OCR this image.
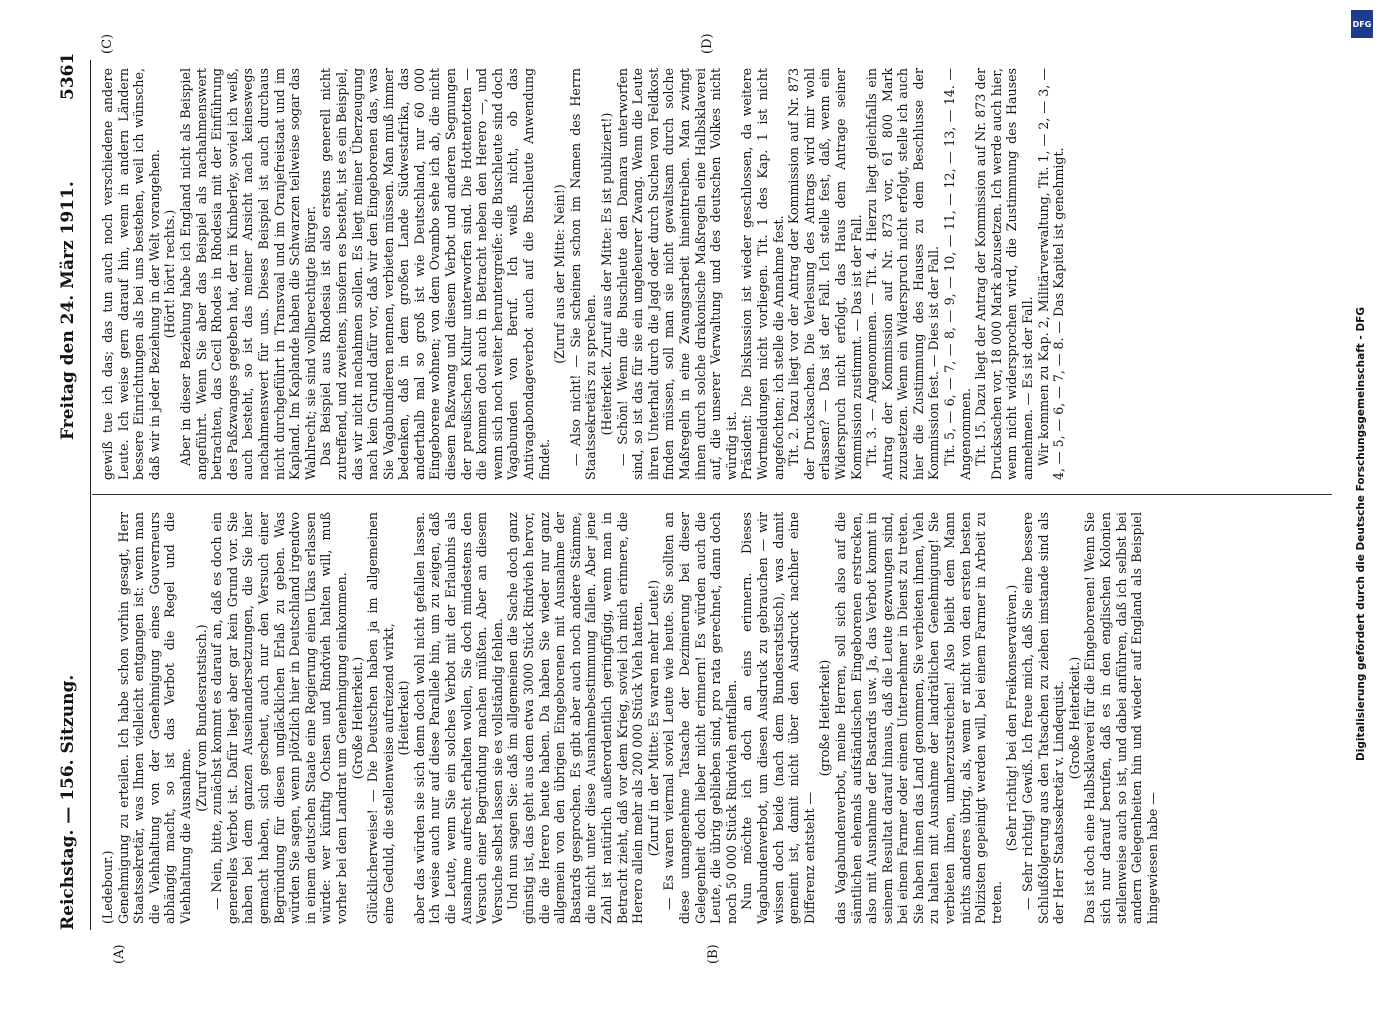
Reichstag. — 156. Sitzung.
Freitag den 24. März 1911.
5361
(A)	(B)
(C)	(D)

(Ledebour.) Genehmigung zu erteilen. Ich habe schon vorhin gesagt, Herr Staatssekretär, was Ihnen vielleicht entgangen ist: wenn man die Viehhaltung von der Genehmigung eines Gouverneurs abhängig macht, so ist das Verbot die Regel und die Viehhaltung die Ausnahme.

(Zuruf vom Bundesratstisch.) — Nein, bitte, zunächst kommt es darauf an, daß es doch ein generelles Verbot ist. Dafür liegt aber gar kein Grund vor. Sie haben bei dem ganzen Auseinandersetzungen, die Sie hier gemacht haben, sich gescheut, auch nur den Versuch einer Begründung für diesen ungläcklichen Erlaß zu geben. Was würden Sie sagen, wenn plötzlich hier in Deutschland irgendwo in einem deutschen Staate eine Regierung einen Ukas erlassen würde: wer künftig Ochsen und Rindvieh halten will, muß vorher bei dem Landrat um Genehmigung einkommen. (Große Heiterkeit.) Glücklicherweise! — Die Deutschen haben ja im allgemeinen eine Geduld, die stellenweise aufreizend wirkt, (Heiterkeit) aber das würden sie sich denn doch wohl nicht gefallen lassen. Ich weise auch nur auf diese Parallele hin, um zu zeigen, daß die Leute, wenn Sie ein solches Verbot mit der Erlaubnis als Ausnahme aufrecht erhalten wollen, Sie doch mindestens den Versuch einer Begründung machen müßten. Aber an diesem Versuche selbst lassen sie es vollständig fehlen. Und nun sagen Sie: daß im allgemeinen die Sache doch ganz günstig ist, das geht aus dem etwa 3000 Stück Rindvieh hervor, die die Herero heute haben. Da haben Sie wieder nur ganz allgemein von den übrigen Eingeborenen mit Ausnahme der Bastards gesprochen. Es gibt aber auch noch andere Stämme, die nicht unter diese Ausnahmebestimmung fallen. Aber jene Zahl ist natürlich außerordentlich geringfügig, wenn man in Betracht zieht, daß vor dem Krieg, soviel ich mich erinnere, die Herero allein mehr als 200 000 Stück Vieh hatten. (Zuruf in der Mitte: Es waren mehr Leute!) — Es waren viermal soviel Leute wie heute. Sie sollten an diese unangenehme Tatsache der Dezimierung bei dieser Gelegenheit doch lieber nicht erinnern! Es würden auch die Leute, die übrig geblieben sind, pro rata gerechnet, dann doch noch 50 000 Stück Rindvieh entfallen. Nun möchte ich doch an eins erinnern. Dieses Vagabundenverbot, um diesen Ausdruck zu gebrauchen — wir wissen doch beide (nach dem Bundesratstisch), was damit gemeint ist, damit nicht über den Ausdruck nachher eine Differenz entsteht —

(große Heiterkeit) das Vagabundenverbot, meine Herren, soll sich also auf die sämtlichen ehemals aufständischen Eingeborenen erstrecken, also mit Ausnahme der Bastards usw. Ja, das Verbot kommt in seinem Resultat darauf hinaus, daß die Leute gezwungen sind, bei einem Farmer oder einem Unternehmer in Dienst zu treten. Sie haben ihnen das Land genommen, Sie verbieten ihnen, Vieh zu halten mit Ausnahme der landrätlichen Genehmigung! Sie verbieten ihnen, umherzustreichen! Also bleibt dem Mann nichts anderes übrig, als, wenn er nicht von den ersten besten Polizisten gepeinigt werden will, bei einem Farmer in Arbeit zu treten.

(Sehr richtig! bei den Freikonservativen.) — Sehr richtig! Gewiß. Ich freue mich, daß Sie eine bessere Schlußfolgerung aus den Tatsachen zu ziehen imstande sind als der Herr Staatssekretär v. Lindequist. (Große Heiterkeit.) Das ist doch eine Halbsklaverei für die Eingeborenen! Wenn Sie sich nur darauf berufen, daß es in den englischen Kolonien stellenweise auch so ist, und dabei anführen, daß ich selbst bei andern Gelegenheiten hin und wieder auf England als Beispiel hingewiesen habe —

gewiß tue ich das; das tun auch noch verschiedene andere Leute. Ich weise gern darauf hin, wenn in andern Ländern bessere Einrichtungen als bei uns bestehen, weil ich wünsche, daß wir in jeder Beziehung in der Welt vorangehen. (Hört! hört! rechts.) Aber in dieser Beziehung habe ich England nicht als Beispiel angeführt. Wenn Sie aber das Beispiel als nachahmenswert betrachten, das Cecil Rhodes in Rhodesia mit der Einführung des Paßzwanges gegeben hat, der in Kimberley, soviel ich weiß, auch besteht, so ist das meiner Ansicht nach keineswegs nachahmenswert für uns. Dieses Beispiel ist auch durchaus nicht durchgeführt in Transvaal und im Oranjefreistaat und im Kapland. Im Kaplande haben die Schwarzen teilweise sogar das Wahlrecht; sie sind vollberechtigte Bürger. Das Beispiel aus Rhodesia ist also erstens generell nicht zutreffend, und zweitens, insofern es besteht, ist es ein Beispiel, das wir nicht nachahmen sollen. Es liegt meiner Überzeugung nach kein Grund dafür vor, daß wir den Eingeborenen das, was Sie Vagabundieren nennen, verbieten müssen. Man muß immer bedenken, daß in dem großen Lande Südwestafrika, das anderthalb mal so groß ist wie Deutschland, nur 60 000 Eingeborene wohnen; von dem Ovambo sehe ich ab, die nicht diesem Paßzwang und diesem Verbot und anderen Segnungen der preußischen Kultur unterworfen sind. Die Hottentotten — die kommen doch auch in Betracht neben den Herero —, und wenn sich noch weiter heruntergreife: die Buschleute sind doch Vagabunden von Beruf. Ich weiß nicht, ob das Antivagabondageverbot auch auf die Buschleute Anwendung findet.

(Zuruf aus der Mitte: Nein!) — Also nicht! — Sie scheinen schon im Namen des Herrn Staatssekretärs zu sprechen. (Heiterkeit. Zuruf aus der Mitte: Es ist publiziert!) — Schön! Wenn die Buschleute den Damara unterworfen sind, so ist das für sie ein ungeheurer Zwang. Wenn die Leute ihren Unterhalt durch die Jagd oder durch Suchen von Feldkost finden müssen, soll man sie nicht gewaltsam durch solche Maßregeln in eine Zwangsarbeit hineintreiben. Man zwingt ihnen durch solche drakonische Maßregeln eine Halbsklaverei auf, die unserer Verwaltung und des deutschen Volkes nicht würdig ist. Präsident: Die Diskussion ist wieder geschlossen, da weitere Wortmeldungen nicht vorliegen. Tit. 1 des Kap. 1 ist nicht angefochten; ich stelle die Annahme fest. Tit. 2. Dazu liegt vor der Antrag der Kommission auf Nr. 873 der Drucksachen. Die Verlesung des Antrags wird mir wohl erlassen? — Das ist der Fall. Ich stelle fest, daß, wenn ein Widerspruch nicht erfolgt, das Haus dem Antrage seiner Kommission zustimmt. — Das ist der Fall. Tit. 3. — Angenommen. — Tit. 4. Hierzu liegt gleichfalls ein Antrag der Kommission auf Nr. 873 vor, 61 800 Mark zuzusetzen. Wenn ein Widerspruch nicht erfolgt, stelle ich auch hier die Zustimmung des Hauses zu dem Beschlusse der Kommission fest. — Dies ist der Fall. Tit. 5, — 6, — 7, — 8, — 9, — 10, — 11, — 12, — 13, — 14. — Angenommen. Tit. 15. Dazu liegt der Antrag der Kommission auf Nr. 873 der Drucksachen vor, 18 000 Mark abzusetzen. Ich werde auch hier, wenn nicht widersprochen wird, die Zustimmung des Hauses annehmen. — Es ist der Fall. Wir kommen zu Kap. 2, Militärverwaltung, Tit. 1, — 2, — 3, — 4, — 5, — 6, — 7, — 8. — Das Kapitel ist genehmigt.

DFG
Digitalisierung gefördert durch die Deutsche Forschungsgemeinschaft - DFG
